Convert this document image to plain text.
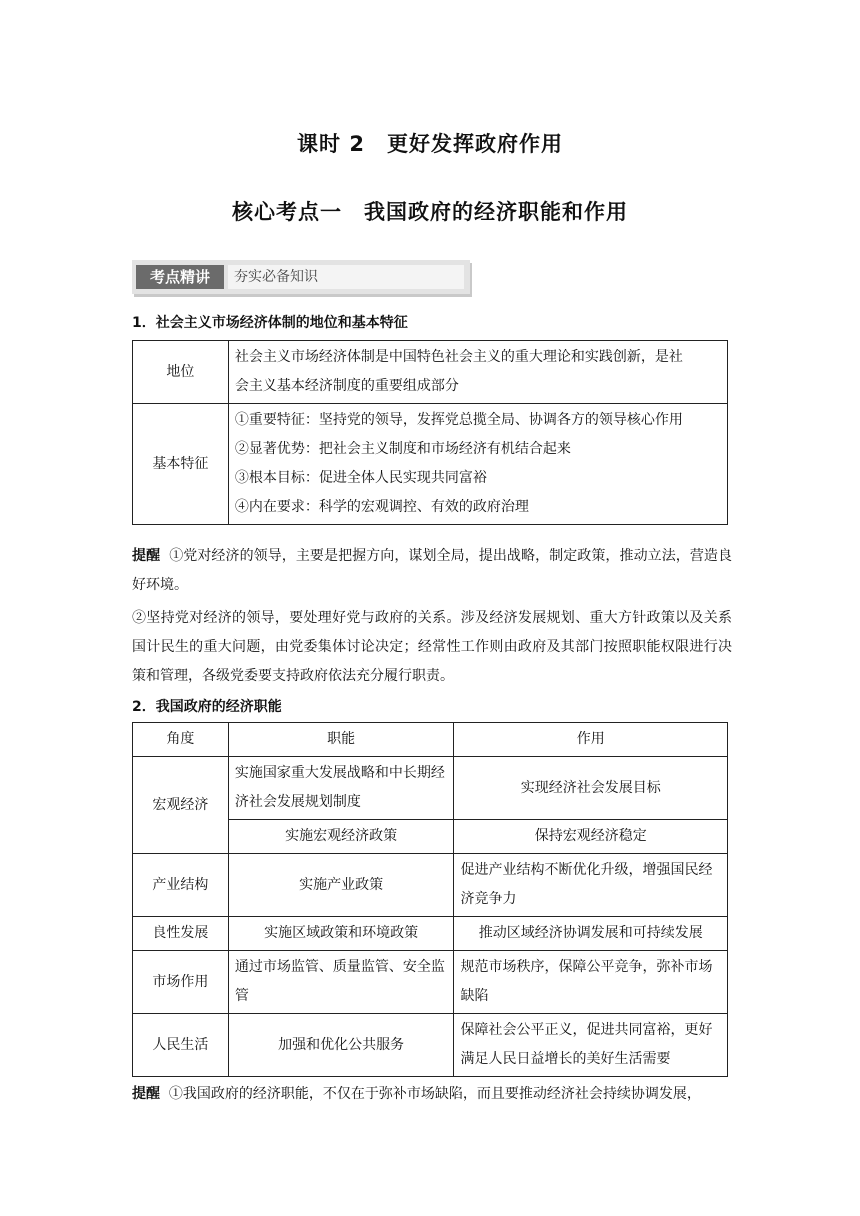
课时 2　更好发挥政府作用
核心考点一　我国政府的经济职能和作用
考点精讲	夯实必备知识
1．社会主义市场经济体制的地位和基本特征
地位	社会主义市场经济体制是中国特色社会主义的重大理论和实践创新，是社
会主义基本经济制度的重要组成部分

基本特征	①重要特征：坚持党的领导，发挥党总揽全局、协调各方的领导核心作用
②显著优势：把社会主义制度和市场经济有机结合起来
③根本目标：促进全体人民实现共同富裕
④内在要求：科学的宏观调控、有效的政府治理
提醒 ①党对经济的领导，主要是把握方向，谋划全局，提出战略，制定政策，推动立法，营造良好环境。
②坚持党对经济的领导，要处理好党与政府的关系。涉及经济发展规划、重大方针政策以及关系国计民生的重大问题，由党委集体讨论决定；经常性工作则由政府及其部门按照职能权限进行决策和管理，各级党委要支持政府依法充分履行职责。
2．我国政府的经济职能
角度	职能	作用
宏观经济	实施国家重大发展战略和中长期经济社会发展规划制度	实现经济社会发展目标
	实施宏观经济政策	保持宏观经济稳定
产业结构	实施产业政策	促进产业结构不断优化升级，增强国民经济竞争力
良性发展	实施区域政策和环境政策	推动区域经济协调发展和可持续发展
市场作用	通过市场监管、质量监管、安全监管	规范市场秩序，保障公平竞争，弥补市场缺陷
人民生活	加强和优化公共服务	保障社会公平正义，促进共同富裕，更好满足人民日益增长的美好生活需要
提醒 ①我国政府的经济职能，不仅在于弥补市场缺陷，而且要推动经济社会持续协调发展，
